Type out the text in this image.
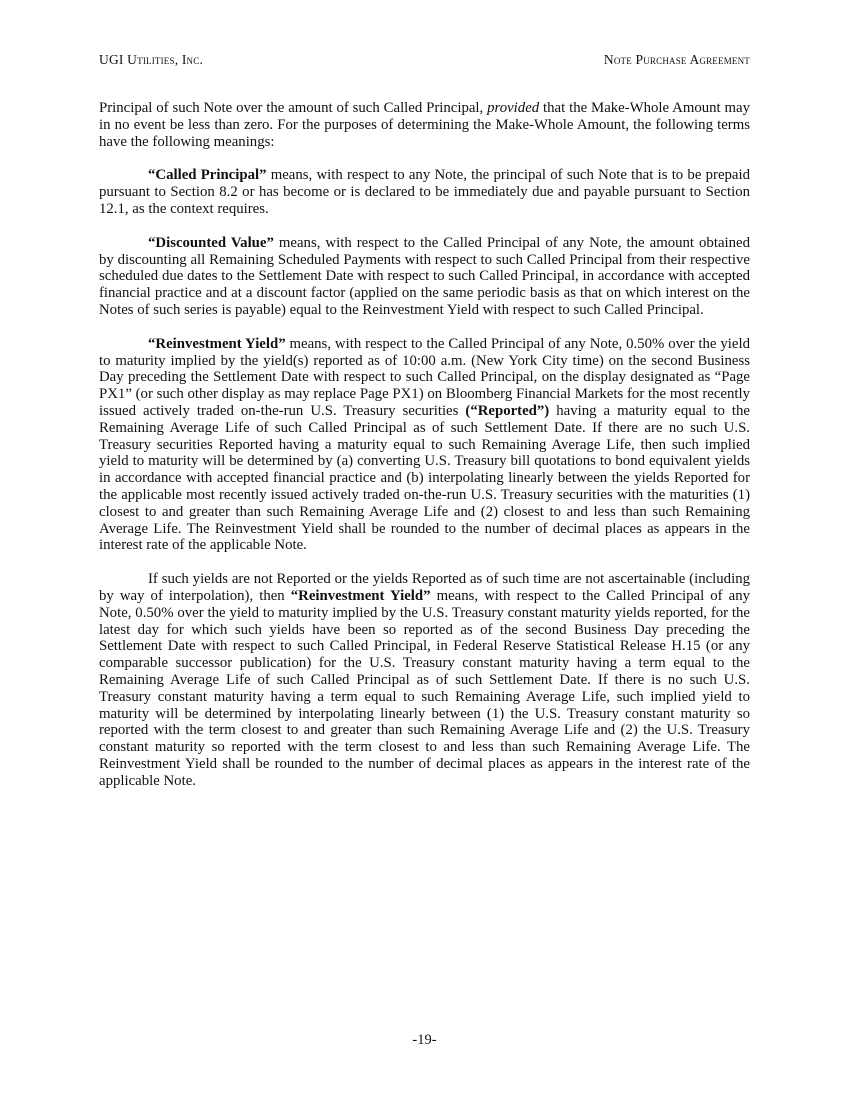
UGI Utilities, Inc.	Note Purchase Agreement

Principal of such Note over the amount of such Called Principal, provided that the Make-Whole Amount may in no event be less than zero. For the purposes of determining the Make-Whole Amount, the following terms have the following meanings:

“Called Principal” means, with respect to any Note, the principal of such Note that is to be prepaid pursuant to Section 8.2 or has become or is declared to be immediately due and payable pursuant to Section 12.1, as the context requires.

“Discounted Value” means, with respect to the Called Principal of any Note, the amount obtained by discounting all Remaining Scheduled Payments with respect to such Called Principal from their respective scheduled due dates to the Settlement Date with respect to such Called Principal, in accordance with accepted financial practice and at a discount factor (applied on the same periodic basis as that on which interest on the Notes of such series is payable) equal to the Reinvestment Yield with respect to such Called Principal.

“Reinvestment Yield” means, with respect to the Called Principal of any Note, 0.50% over the yield to maturity implied by the yield(s) reported as of 10:00 a.m. (New York City time) on the second Business Day preceding the Settlement Date with respect to such Called Principal, on the display designated as “Page PX1” (or such other display as may replace Page PX1) on Bloomberg Financial Markets for the most recently issued actively traded on-the-run U.S. Treasury securities (“Reported”) having a maturity equal to the Remaining Average Life of such Called Principal as of such Settlement Date. If there are no such U.S. Treasury securities Reported having a maturity equal to such Remaining Average Life, then such implied yield to maturity will be determined by (a) converting U.S. Treasury bill quotations to bond equivalent yields in accordance with accepted financial practice and (b) interpolating linearly between the yields Reported for the applicable most recently issued actively traded on-the-run U.S. Treasury securities with the maturities (1) closest to and greater than such Remaining Average Life and (2) closest to and less than such Remaining Average Life. The Reinvestment Yield shall be rounded to the number of decimal places as appears in the interest rate of the applicable Note.

If such yields are not Reported or the yields Reported as of such time are not ascertainable (including by way of interpolation), then “Reinvestment Yield” means, with respect to the Called Principal of any Note, 0.50% over the yield to maturity implied by the U.S. Treasury constant maturity yields reported, for the latest day for which such yields have been so reported as of the second Business Day preceding the Settlement Date with respect to such Called Principal, in Federal Reserve Statistical Release H.15 (or any comparable successor publication) for the U.S. Treasury constant maturity having a term equal to the Remaining Average Life of such Called Principal as of such Settlement Date. If there is no such U.S. Treasury constant maturity having a term equal to such Remaining Average Life, such implied yield to maturity will be determined by interpolating linearly between (1) the U.S. Treasury constant maturity so reported with the term closest to and greater than such Remaining Average Life and (2) the U.S. Treasury constant maturity so reported with the term closest to and less than such Remaining Average Life. The Reinvestment Yield shall be rounded to the number of decimal places as appears in the interest rate of the applicable Note.

-19-
